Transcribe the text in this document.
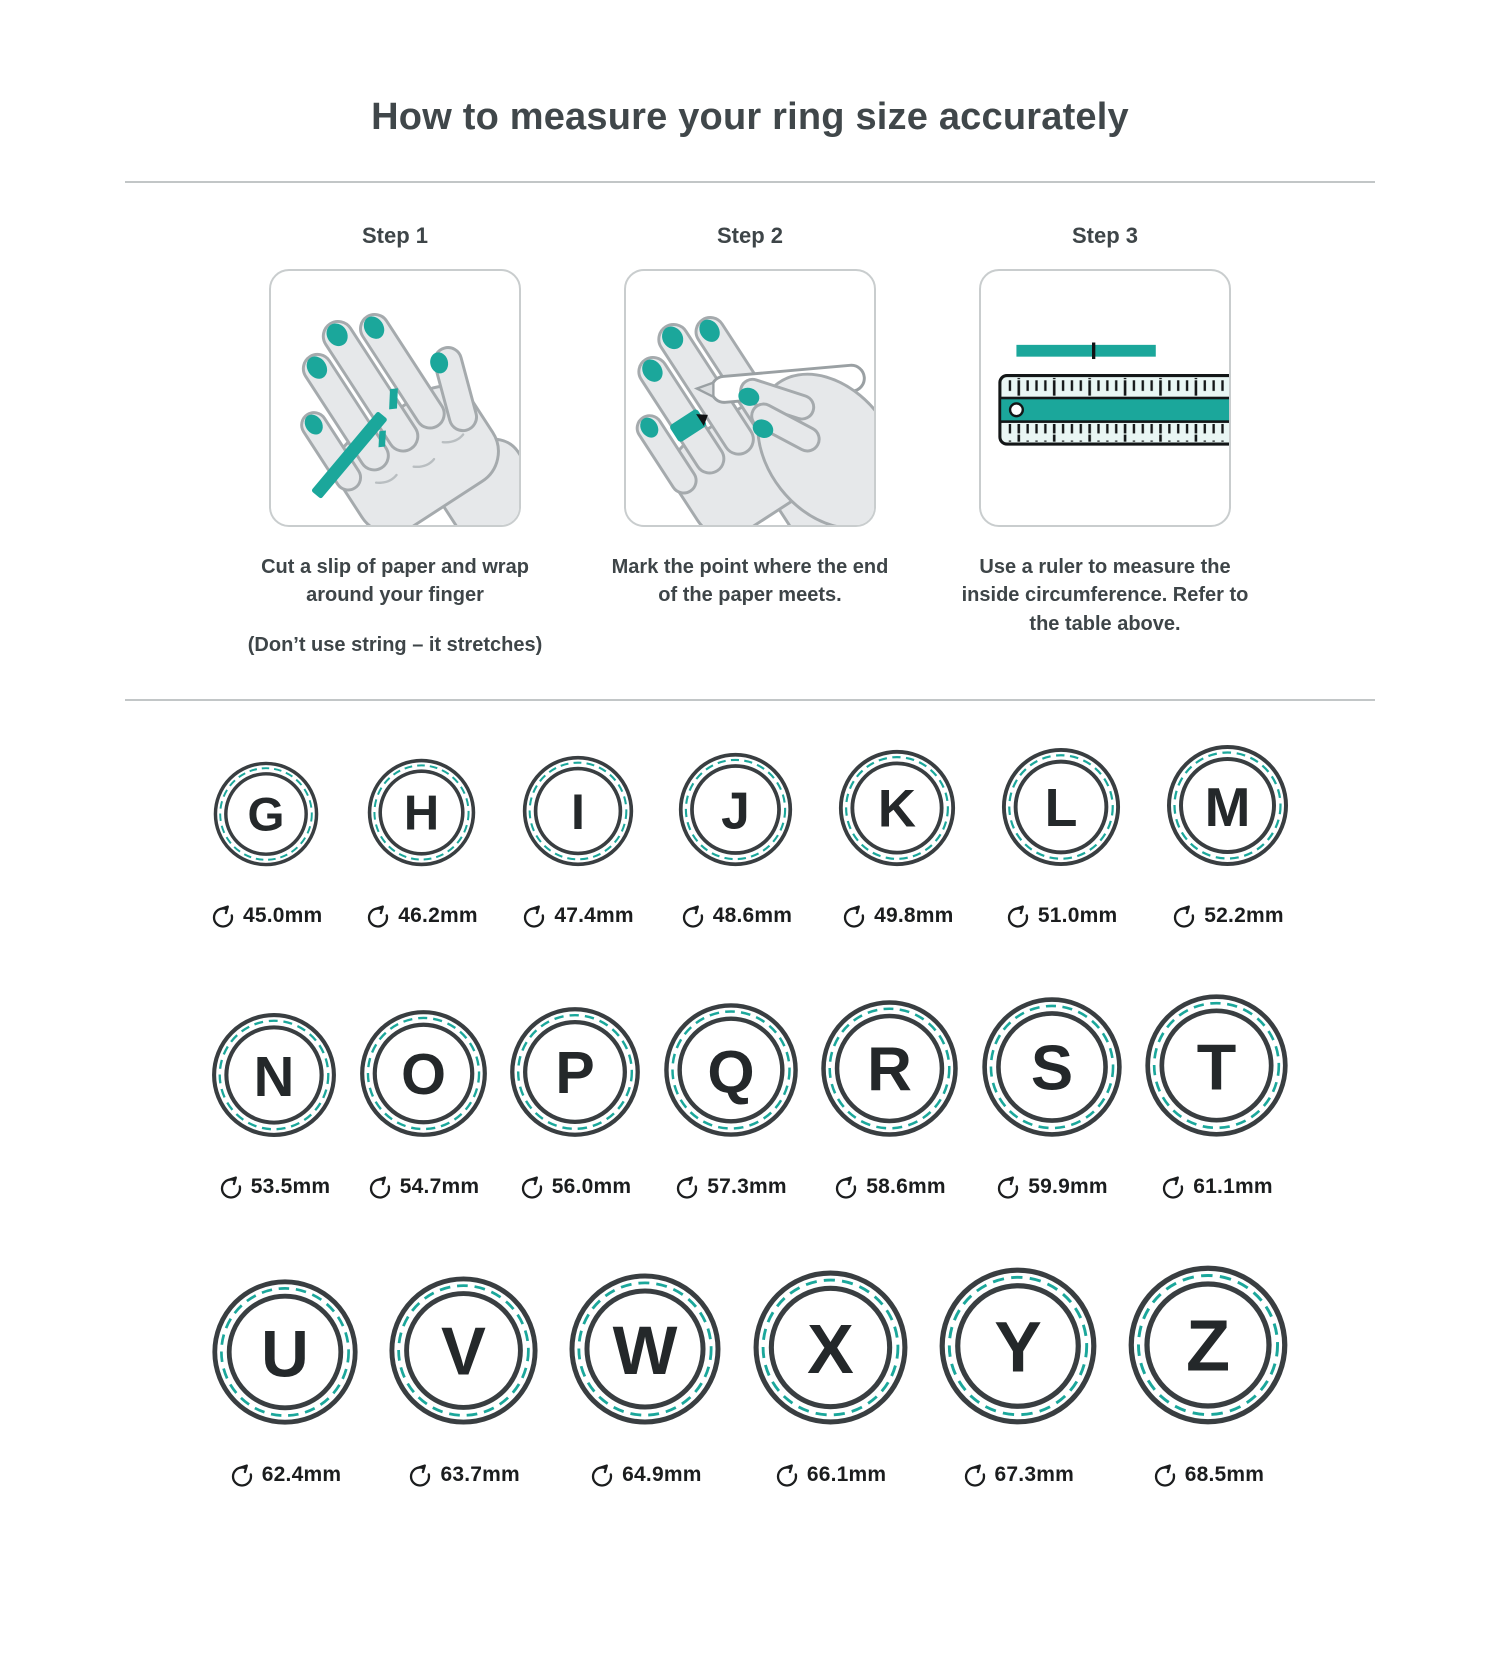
How to measure your ring size accurately
Step 1

Cut a slip of paper and wrap around your finger

(Don’t use string – it stretches)

Step 2

Mark the point where the end of the paper meets.

Step 3

Use a ruler to measure the inside circumference. Refer to the table above.

G
45.0mm
H
46.2mm
I
47.4mm
J
48.6mm
K
49.8mm
L
51.0mm
M
52.2mm
N
53.5mm
O
54.7mm
P
56.0mm
Q
57.3mm
R
58.6mm
S
59.9mm
T
61.1mm
U
62.4mm
V
63.7mm
W
64.9mm
X
66.1mm
Y
67.3mm
Z
68.5mm
